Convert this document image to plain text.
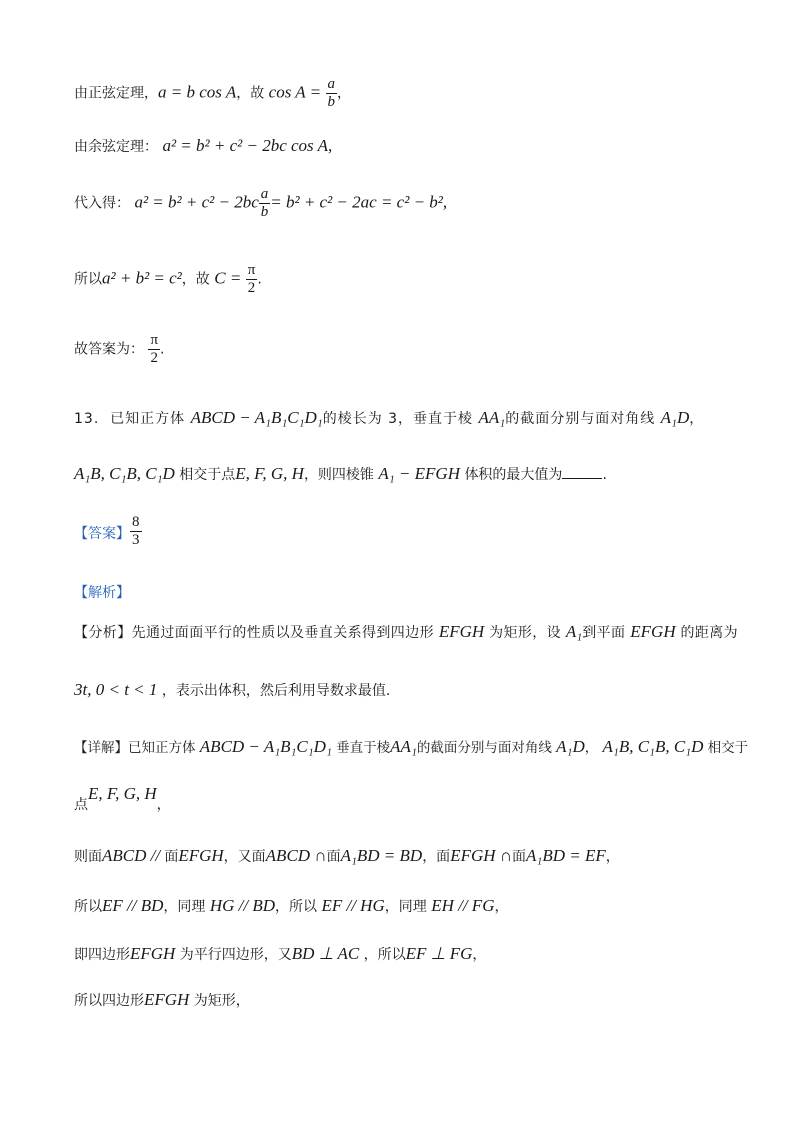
由正弦定理，a = b cos A，故 $\cos A = \frac{a}{b}$ ，
由余弦定理： a² = b² + c² − 2bc cos A,
代入得： $a^2 = b^2 + c^2 - 2bc \frac{a}{b} = b^2 + c^2 - 2ac = c^2 - b^2$,
所以a² + b² = c²，故 $C = \frac{\pi}{2}$ .
故答案为： $\frac{\pi}{2}$ .
13. 已知正方体 ABCD − A₁B₁C₁D₁的棱长为 3，垂直于棱 AA₁的截面分别与面对角线 A₁D，
A₁B, C₁B, C₁D 相交于点E, F, G, H，则四棱锥 A₁ − EFGH 体积的最大值为	.
【答案】 $\frac{8}{3}$
【解析】
【分析】先通过面面平行的性质以及垂直关系得到四边形 EFGH 为矩形，设 A₁到平面 EFGH 的距离为
3t, 0 < t < 1 ，表示出体积，然后利用导数求最值.
【详解】已知正方体 ABCD − A₁B₁C₁D₁ 垂直于棱AA₁的截面分别与面对角线 A₁D， A₁B, C₁B, C₁D 相交于
点E, F, G, H，
则面ABCD // 面EFGH，又面ABCD ∩面A₁BD = BD，面EFGH ∩面A₁BD = EF，
所以EF // BD，同理 HG // BD，所以 EF // HG，同理 EH // FG，
即四边形EFGH 为平行四边形，又BD ⊥ AC ，所以EF ⊥ FG，
所以四边形EFGH 为矩形，
